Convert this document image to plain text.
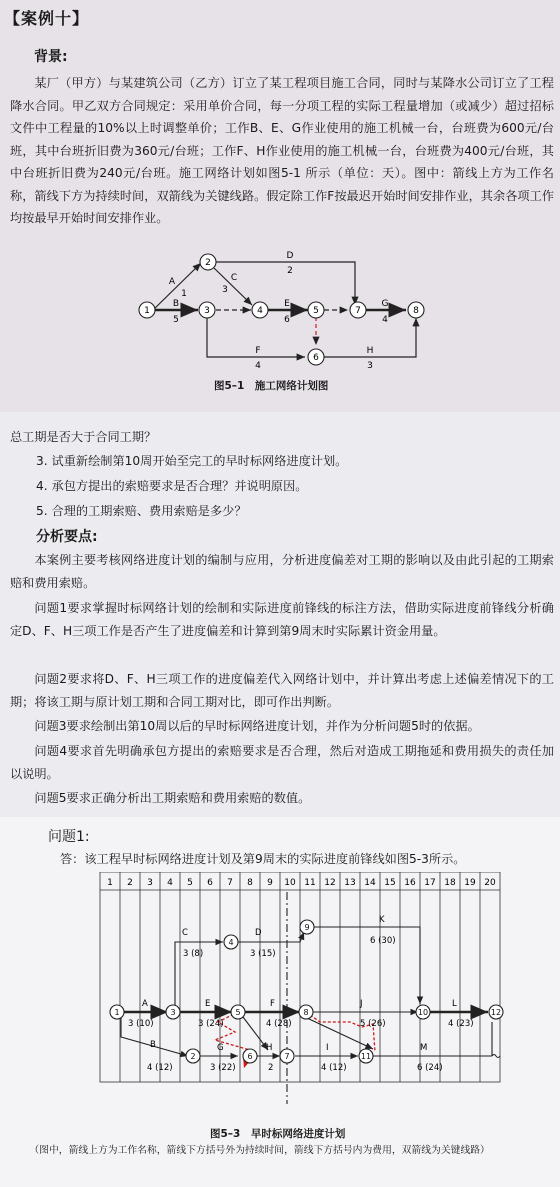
【案例十】
背景:
某厂（甲方）与某建筑公司（乙方）订立了某工程项目施工合同，同时与某降水公司订立了工程降水合同。甲乙双方合同规定：采用单价合同，每一分项工程的实际工程量增加（或减少）超过招标文件中工程量的10%以上时调整单价；工作B、E、G作业使用的施工机械一台，台班费为600元/台班，其中台班折旧费为360元/台班；工作F、H作业使用的施工机械一台，台班费为400元/台班，其中台班折旧费为240元/台班。施工网络计划如图5-1 所示（单位：天）。图中：箭线上方为工作名称，箭线下方为持续时间，双箭线为关键线路。假定除工作F按最迟开始时间安排作业，其余各项工作均按最早开始时间安排作业。
1
2
3	4	5
6
7	8
A
1
B
5
C
3
D
2
E
6
F
4
G
4
H
3
图5–1　施工网络计划图
总工期是否大于合同工期？
3. 试重新绘制第10周开始至完工的早时标网络进度计划。
4. 承包方提出的索赔要求是否合理？并说明原因。
5. 合理的工期索赔、费用索赔是多少？
分析要点:
本案例主要考核网络进度计划的编制与应用，分析进度偏差对工期的影响以及由此引起的工期索赔和费用索赔。
问题1要求掌握时标网络计划的绘制和实际进度前锋线的标注方法，借助实际进度前锋线分析确定D、F、H三项工作是否产生了进度偏差和计算到第9周末时实际累计资金用量。
问题2要求将D、F、H三项工作的进度偏差代入网络计划中，并计算出考虑上述偏差情况下的工期；将该工期与原计划工期和合同工期对比，即可作出判断。
问题3要求绘制出第10周以后的早时标网络进度计划，并作为分析问题5时的依据。
问题4要求首先明确承包方提出的索赔要求是否合理，然后对造成工期拖延和费用损失的责任加以说明。
问题5要求正确分析出工期索赔和费用索赔的数值。
问题1:
答：该工程早时标网络进度计划及第9周末的实际进度前锋线如图5-3所示。
1 2 3 4 5 6 7 8 9 10 11 12 13 14 15 16 17 18 19 20
1
2
3
4
5
6	7
8
9
10
11
12
A
3 (10)
B
4 (12)
C
3 (8)
D
3 (15)
E
3 (24)
F
4 (28)
G
3 (22)
H
2
I
4 (12)
J
5 (26)
K
6 (30)
L
4 (23)
M
6 (24)
图5–3　早时标网络进度计划
（图中，箭线上方为工作名称，箭线下方括号外为持续时间，箭线下方括号内为费用，双箭线为关键线路）
